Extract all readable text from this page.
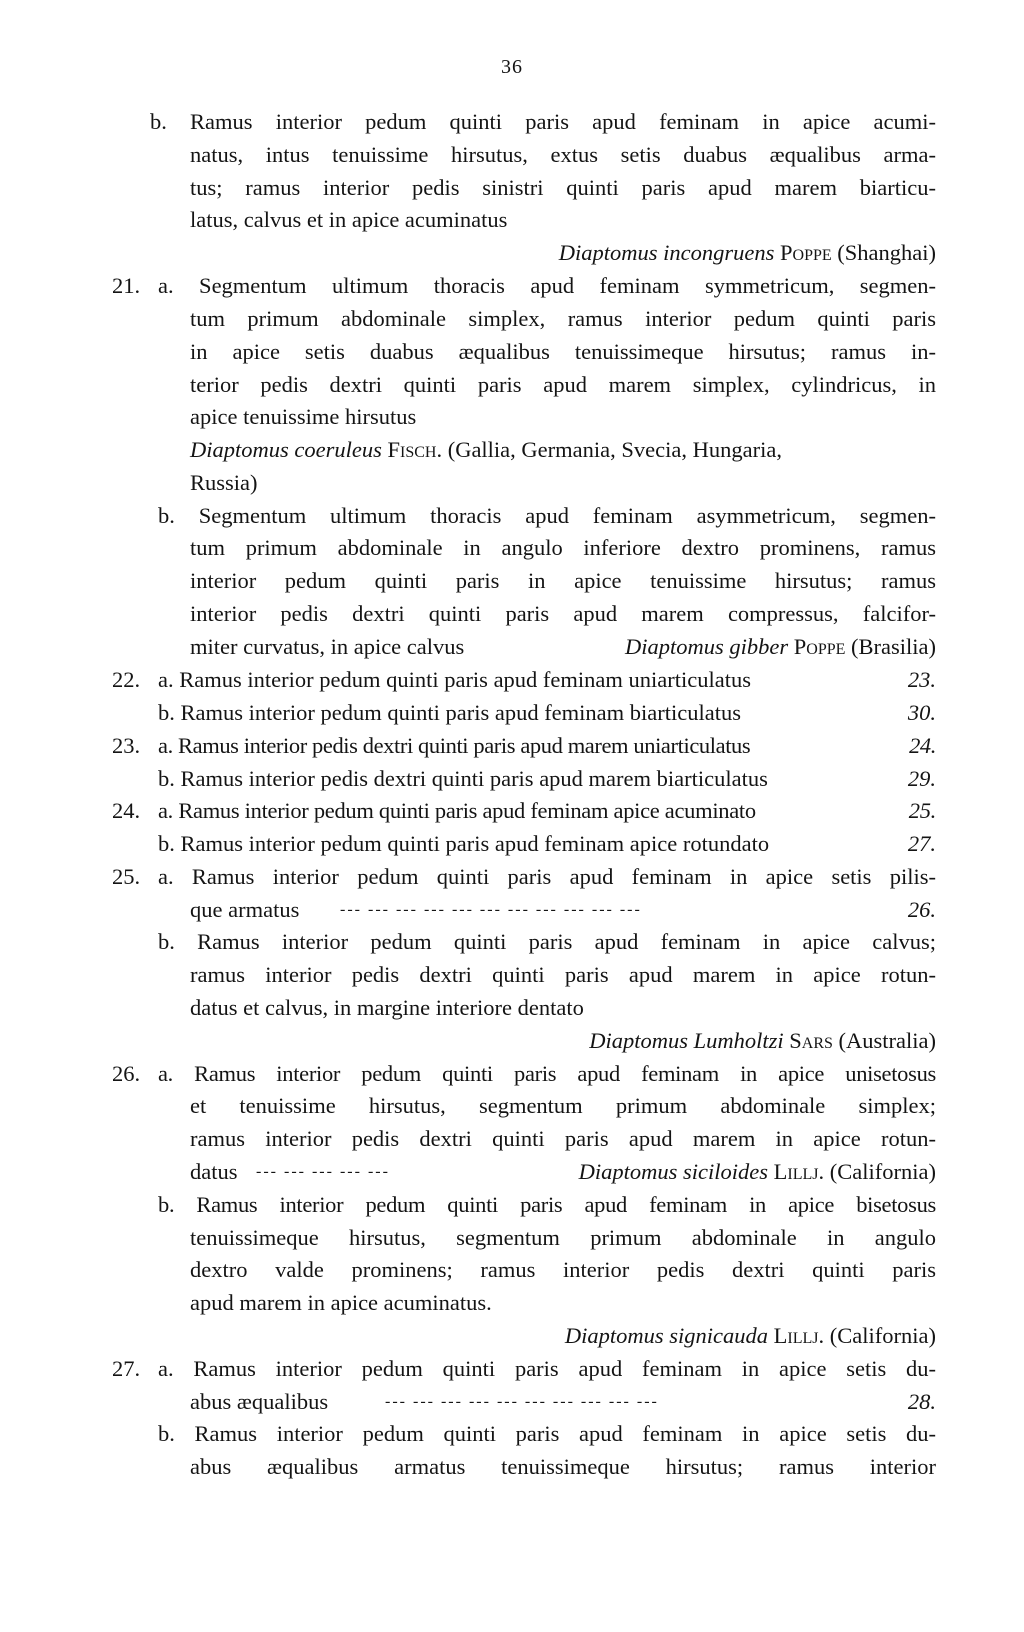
36
b. Ramus interior pedum quinti paris apud feminam in apice acumi-
natus, intus tenuissime hirsutus, extus setis duabus æqualibus arma-
tus; ramus interior pedis sinistri quinti paris apud marem biarticu-
latus, calvus et in apice acuminatus
Diaptomus incongruens Poppe (Shanghai)
21. a. Segmentum ultimum thoracis apud feminam symmetricum, segmen-
tum primum abdominale simplex, ramus interior pedum quinti paris
in apice setis duabus æqualibus tenuissimeque hirsutus; ramus in-
terior pedis dextri quinti paris apud marem simplex, cylindricus, in
apice tenuissime hirsutus
Diaptomus coeruleus Fisch. (Gallia, Germania, Svecia, Hungaria,
Russia)
b. Segmentum ultimum thoracis apud feminam asymmetricum, segmen-
tum primum abdominale in angulo inferiore dextro prominens, ramus
interior pedum quinti paris in apice tenuissime hirsutus; ramus
interior pedis dextri quinti paris apud marem compressus, falcifor-
miter curvatus, in apice calvus	Diaptomus gibber Poppe (Brasilia)
22. a. Ramus interior pedum quinti paris apud feminam uniarticulatus	23.
b. Ramus interior pedum quinti paris apud feminam biarticulatus	30.
23. a. Ramus interior pedis dextri quinti paris apud marem uniarticulatus	24.
b. Ramus interior pedis dextri quinti paris apud marem biarticulatus	29.
24. a. Ramus interior pedum quinti paris apud feminam apice acuminato	25.
b. Ramus interior pedum quinti paris apud feminam apice rotundato	27.
25. a. Ramus interior pedum quinti paris apud feminam in apice setis pilis-
que armatus	--- --- --- --- --- --- --- --- --- --- ---	26.
b. Ramus interior pedum quinti paris apud feminam in apice calvus;
ramus interior pedis dextri quinti paris apud marem in apice rotun-
datus et calvus, in margine interiore dentato
Diaptomus Lumholtzi Sars (Australia)
26. a. Ramus interior pedum quinti paris apud feminam in apice unisetosus
et tenuissime hirsutus, segmentum primum abdominale simplex;
ramus interior pedis dextri quinti paris apud marem in apice rotun-
datus --- --- --- --- ---	Diaptomus siciloides Lillj. (California)
b. Ramus interior pedum quinti paris apud feminam in apice bisetosus
tenuissimeque hirsutus, segmentum primum abdominale in angulo
dextro valde prominens; ramus interior pedis dextri quinti paris
apud marem in apice acuminatus.
Diaptomus signicauda Lillj. (California)
27. a. Ramus interior pedum quinti paris apud feminam in apice setis du-
abus æqualibus	--- --- --- --- --- --- --- --- --- ---	28.
b. Ramus interior pedum quinti paris apud feminam in apice setis du-
abus æqualibus armatus tenuissimeque hirsutus; ramus interior
